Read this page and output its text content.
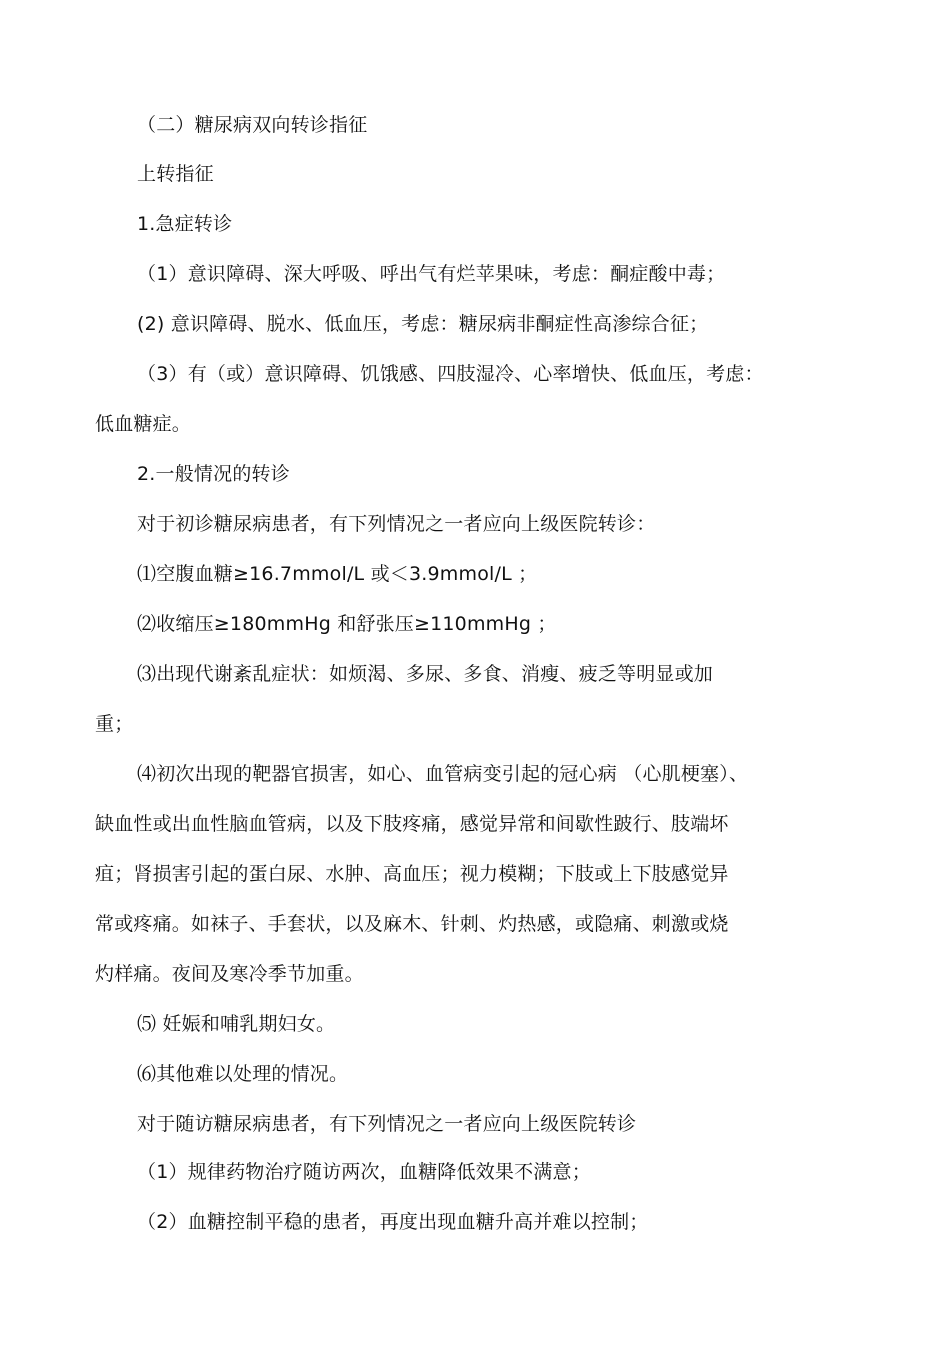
（二）糖尿病双向转诊指征
上转指征
1.急症转诊
（1）意识障碍、深大呼吸、呼出气有烂苹果味，考虑：酮症酸中毒；
(2) 意识障碍、脱水、低血压，考虑：糖尿病非酮症性高渗综合征；
（3）有（或）意识障碍、饥饿感、四肢湿冷、心率增快、低血压，考虑：
低血糖症。
2.一般情况的转诊
对于初诊糖尿病患者，有下列情况之一者应向上级医院转诊：
⑴空腹血糖≥16.7mmol/L 或＜3.9mmol/L ；
⑵收缩压≥180mmHg 和舒张压≥110mmHg ；
⑶出现代谢紊乱症状：如烦渴、多尿、多食、消瘦、疲乏等明显或加
重；
⑷初次出现的靶器官损害，如心、血管病变引起的冠心病 （心肌梗塞）、
缺血性或出血性脑血管病，以及下肢疼痛，感觉异常和间歇性跛行、肢端坏
疽；肾损害引起的蛋白尿、水肿、高血压；视力模糊；下肢或上下肢感觉异
常或疼痛。如袜子、手套状，以及麻木、针刺、灼热感，或隐痛、刺激或烧
灼样痛。夜间及寒冷季节加重。
⑸ 妊娠和哺乳期妇女。
⑹其他难以处理的情况。
对于随访糖尿病患者，有下列情况之一者应向上级医院转诊
（1）规律药物治疗随访两次，血糖降低效果不满意；
（2）血糖控制平稳的患者，再度出现血糖升高并难以控制；
